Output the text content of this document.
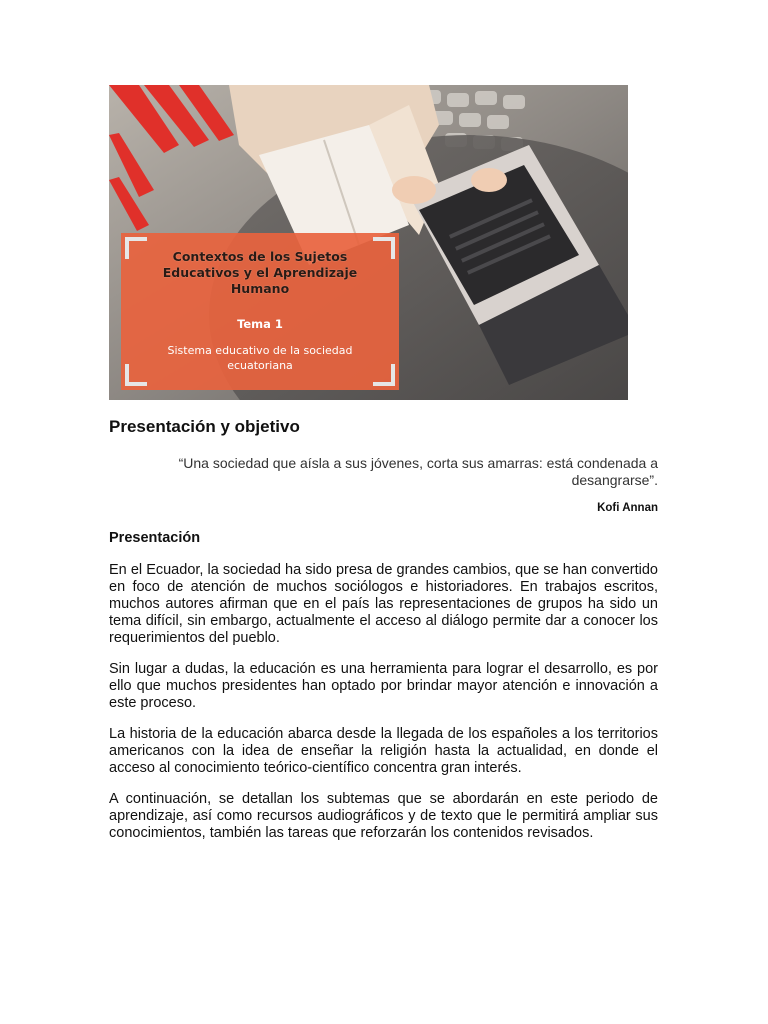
Contextos de los Sujetos Educativos y el Aprendizaje Humano
Tema 1
Sistema educativo de la sociedad ecuatoriana
Presentación y objetivo

“Una sociedad que aísla a sus jóvenes, corta sus amarras: está condenada a desangrarse”.

Kofi Annan

Presentación

En el Ecuador, la sociedad ha sido presa de grandes cambios, que se han convertido en foco de atención de muchos sociólogos e historiadores. En trabajos escritos, muchos autores afirman que en el país las representaciones de grupos ha sido un tema difícil, sin embargo, actualmente el acceso al diálogo permite dar a conocer los requerimientos del pueblo.

Sin lugar a dudas, la educación es una herramienta para lograr el desarrollo, es por ello que muchos presidentes han optado por brindar mayor atención e innovación a este proceso.

La historia de la educación abarca desde la llegada de los españoles a los territorios americanos con la idea de enseñar la religión hasta la actualidad, en donde el acceso al conocimiento teórico-científico concentra gran interés.

A continuación, se detallan los subtemas que se abordarán en este periodo de aprendizaje, así como recursos audiográficos y de texto que le permitirá ampliar sus conocimientos, también las tareas que reforzarán los contenidos revisados.
